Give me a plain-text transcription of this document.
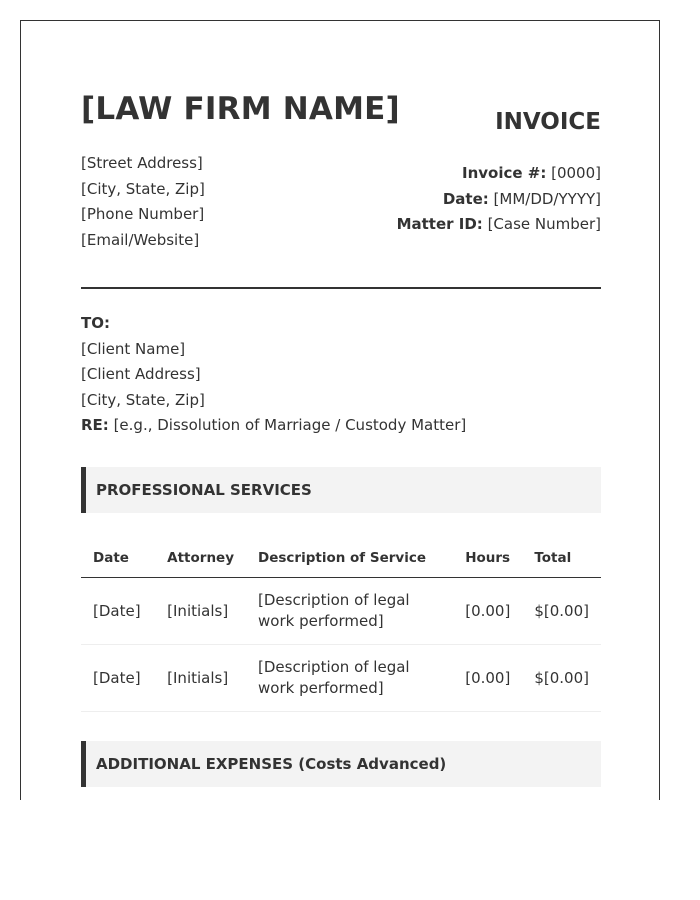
[LAW FIRM NAME]	INVOICE
[Street Address]
[City, State, Zip]
[Phone Number]
[Email/Website]
Invoice #: [0000]
Date: [MM/DD/YYYY]
Matter ID: [Case Number]
TO:
[Client Name]
[Client Address]
[City, State, Zip]
RE: [e.g., Dissolution of Marriage / Custody Matter]
PROFESSIONAL SERVICES
Date	Attorney	Description of Service	Hours	Total
[Date]	[Initials]	[Description of legal work performed]	[0.00]	$[0.00]
[Date]	[Initials]	[Description of legal work performed]	[0.00]	$[0.00]
ADDITIONAL EXPENSES (Costs Advanced)
